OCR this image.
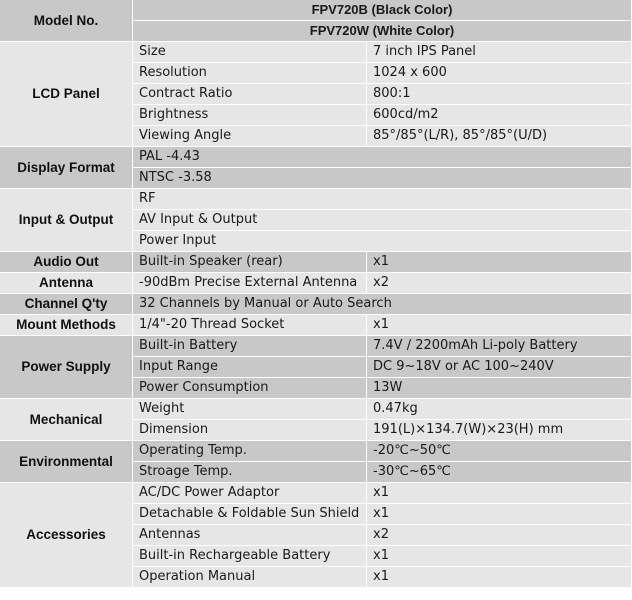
Model No.	FPV720B (Black Color)	
	FPV720W (White Color)	
LCD Panel	Size	7 inch IPS Panel
	Resolution	1024 x 600
	Contract Ratio	800:1
	Brightness	600cd/m2
	Viewing Angle	85°/85°(L/R), 85°/85°(U/D)
Display Format	PAL -4.43	
	NTSC -3.58	
Input & Output	RF	
	AV Input & Output	
	Power Input	
Audio Out	Built-in Speaker (rear)	x1
Antenna	-90dBm Precise External Antenna	x2
Channel Q'ty	32 Channels by Manual or Auto Search	
Mount Methods	1/4"-20 Thread Socket	x1
Power Supply	Built-in Battery	7.4V / 2200mAh Li-poly Battery
	Input Range	DC 9~18V or AC 100~240V
	Power Consumption	13W
Mechanical	Weight	0.47kg
	Dimension	191(L)×134.7(W)×23(H) mm
Environmental	Operating Temp.	-20℃~50℃
	Stroage Temp.	-30℃~65℃
Accessories	AC/DC Power Adaptor	x1
	Detachable & Foldable Sun Shield	x1
	Antennas	x2
	Built-in Rechargeable Battery	x1
	Operation Manual	x1
